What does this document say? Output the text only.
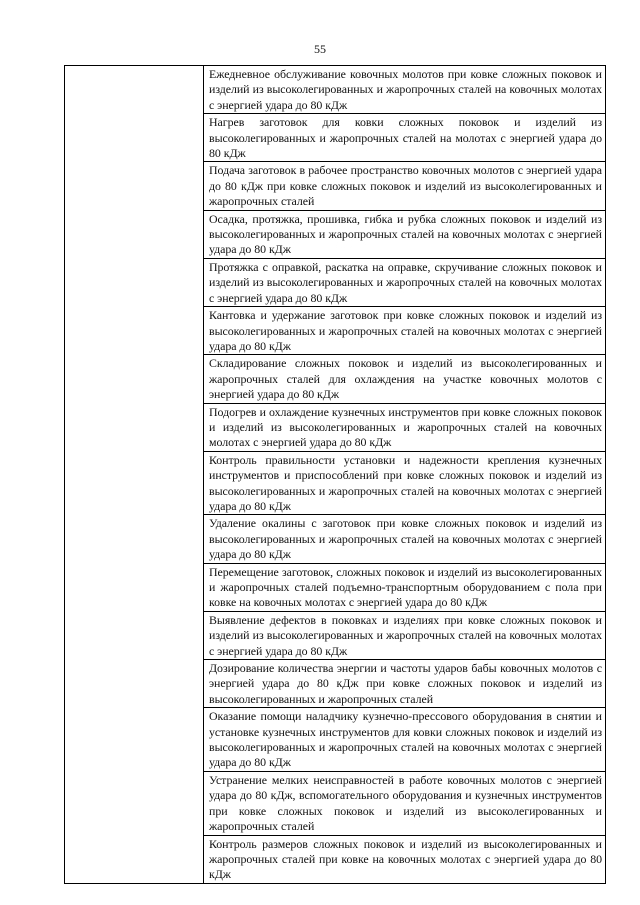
55

Ежедневное обслуживание ковочных молотов при ковке сложных поковок и изделий из высоколегированных и жаропрочных сталей на ковочных молотах с энергией удара до 80 кДж

Нагрев заготовок для ковки сложных поковок и изделий из высоколегированных и жаропрочных сталей на молотах с энергией удара до 80 кДж

Подача заготовок в рабочее пространство ковочных молотов с энергией удара до 80 кДж при ковке сложных поковок и изделий из высоколегированных и жаропрочных сталей

Осадка, протяжка, прошивка, гибка и рубка сложных поковок и изделий из высоколегированных и жаропрочных сталей на ковочных молотах с энергией удара до 80 кДж

Протяжка с оправкой, раскатка на оправке, скручивание сложных поковок и изделий из высоколегированных и жаропрочных сталей на ковочных молотах с энергией удара до 80 кДж

Кантовка и удержание заготовок при ковке сложных поковок и изделий из высоколегированных и жаропрочных сталей на ковочных молотах с энергией удара до 80 кДж

Складирование сложных поковок и изделий из высоколегированных и жаропрочных сталей для охлаждения на участке ковочных молотов с энергией удара до 80 кДж

Подогрев и охлаждение кузнечных инструментов при ковке сложных поковок и изделий из высоколегированных и жаропрочных сталей на ковочных молотах с энергией удара до 80 кДж

Контроль правильности установки и надежности крепления кузнечных инструментов и приспособлений при ковке сложных поковок и изделий из высоколегированных и жаропрочных сталей на ковочных молотах с энергией удара до 80 кДж

Удаление окалины с заготовок при ковке сложных поковок и изделий из высоколегированных и жаропрочных сталей на ковочных молотах с энергией удара до 80 кДж

Перемещение заготовок, сложных поковок и изделий из высоколегированных и жаропрочных сталей подъемно-транспортным оборудованием с пола при ковке на ковочных молотах с энергией удара до 80 кДж

Выявление дефектов в поковках и изделиях при ковке сложных поковок и изделий из высоколегированных и жаропрочных сталей на ковочных молотах с энергией удара до 80 кДж

Дозирование количества энергии и частоты ударов бабы ковочных молотов с энергией удара до 80 кДж при ковке сложных поковок и изделий из высоколегированных и жаропрочных сталей

Оказание помощи наладчику кузнечно-прессового оборудования в снятии и установке кузнечных инструментов для ковки сложных поковок и изделий из высоколегированных и жаропрочных сталей на ковочных молотах с энергией удара до 80 кДж

Устранение мелких неисправностей в работе ковочных молотов с энергией удара до 80 кДж, вспомогательного оборудования и кузнечных инструментов при ковке сложных поковок и изделий из высоколегированных и жаропрочных сталей

Контроль размеров сложных поковок и изделий из высоколегированных и жаропрочных сталей при ковке на ковочных молотах с энергией удара до 80 кДж
